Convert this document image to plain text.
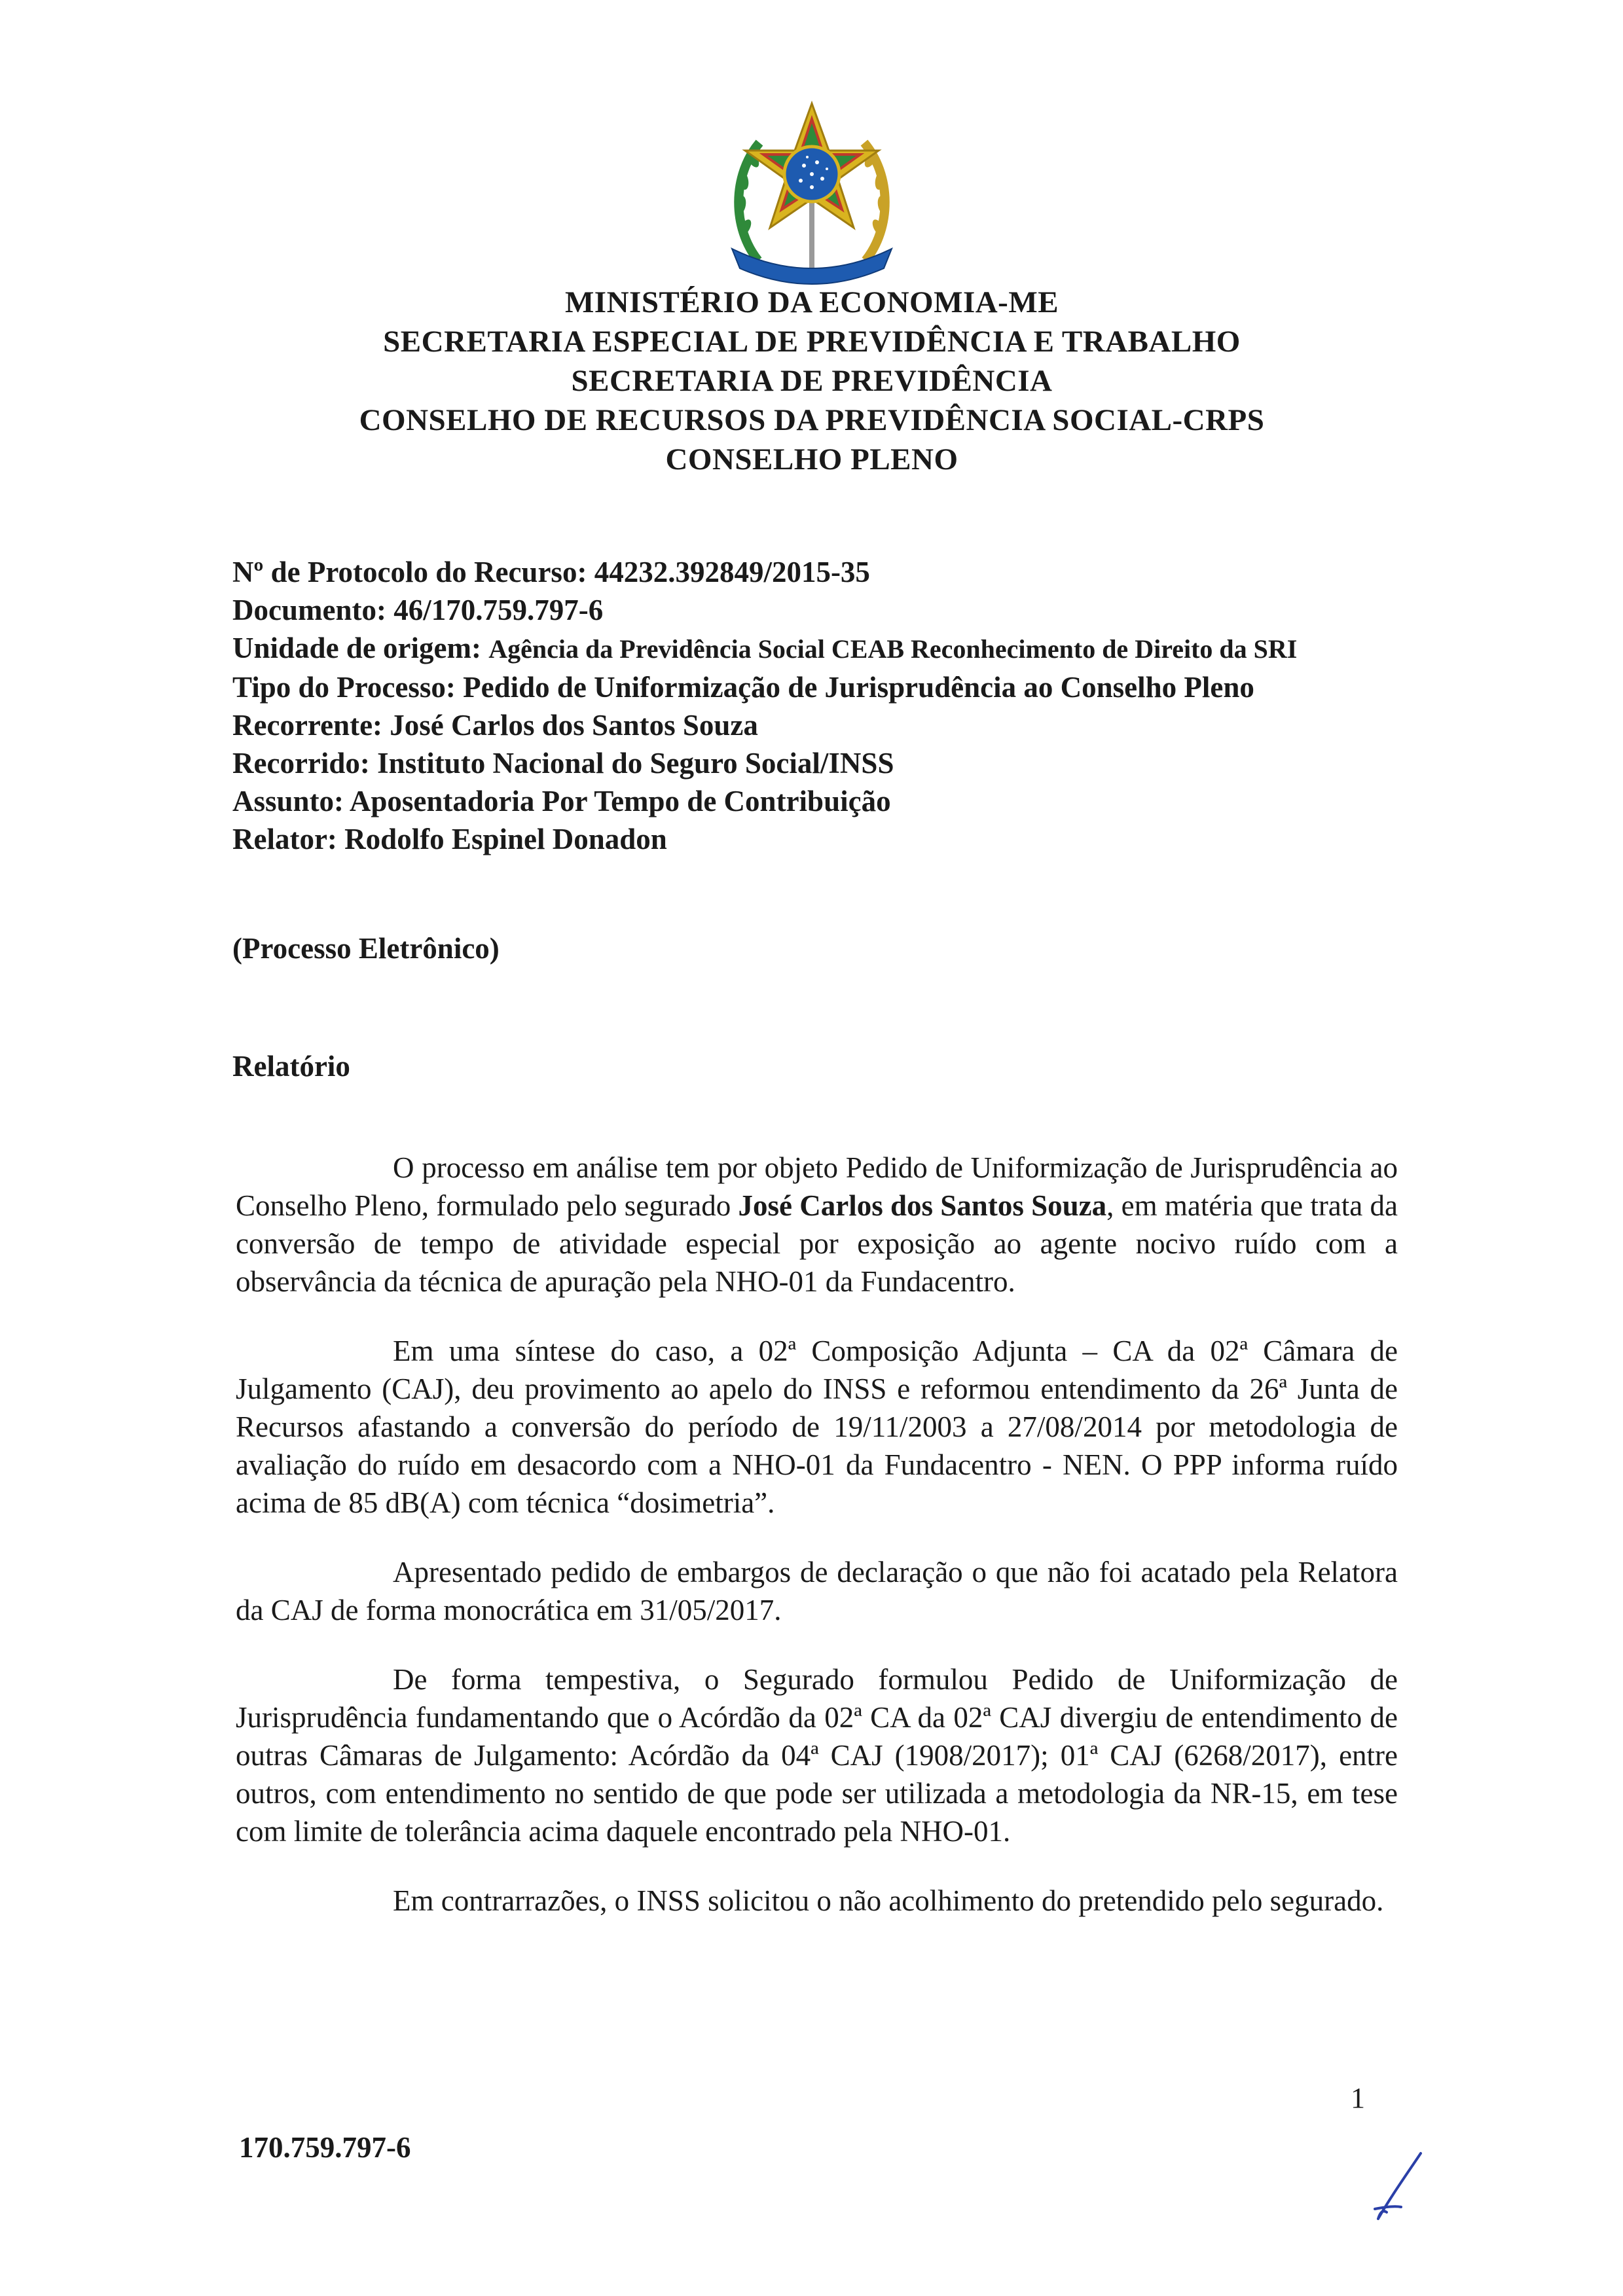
MINISTÉRIO DA ECONOMIA-ME
SECRETARIA ESPECIAL DE PREVIDÊNCIA E TRABALHO
SECRETARIA DE PREVIDÊNCIA
CONSELHO DE RECURSOS DA PREVIDÊNCIA SOCIAL-CRPS
CONSELHO PLENO
Nº de Protocolo do Recurso: 44232.392849/2015-35
Documento: 46/170.759.797-6
Unidade de origem: Agência da Previdência Social CEAB Reconhecimento de Direito da SRI
Tipo do Processo: Pedido de Uniformização de Jurisprudência ao Conselho Pleno
Recorrente: José Carlos dos Santos Souza
Recorrido: Instituto Nacional do Seguro Social/INSS
Assunto: Aposentadoria Por Tempo de Contribuição
Relator: Rodolfo Espinel Donadon
(Processo Eletrônico)
Relatório

O processo em análise tem por objeto Pedido de Uniformização de Jurisprudência ao Conselho Pleno, formulado pelo segurado José Carlos dos Santos Souza, em matéria que trata da conversão de tempo de atividade especial por exposição ao agente nocivo ruído com a observância da técnica de apuração pela NHO-01 da Fundacentro.

Em uma síntese do caso, a 02ª Composição Adjunta – CA da 02ª Câmara de Julgamento (CAJ), deu provimento ao apelo do INSS e reformou entendimento da 26ª Junta de Recursos afastando a conversão do período de 19/11/2003 a 27/08/2014 por metodologia de avaliação do ruído em desacordo com a NHO-01 da Fundacentro - NEN. O PPP informa ruído acima de 85 dB(A) com técnica “dosimetria”.

Apresentado pedido de embargos de declaração o que não foi acatado pela Relatora da CAJ de forma monocrática em 31/05/2017.

De forma tempestiva, o Segurado formulou Pedido de Uniformização de Jurisprudência fundamentando que o Acórdão da 02ª CA da 02ª CAJ divergiu de entendimento de outras Câmaras de Julgamento: Acórdão da 04ª CAJ (1908/2017); 01ª CAJ (6268/2017), entre outros, com entendimento no sentido de que pode ser utilizada a metodologia da NR-15, em tese com limite de tolerância acima daquele encontrado pela NHO-01.

Em contrarrazões, o INSS solicitou o não acolhimento do pretendido pelo segurado.

170.759.797-6
1
